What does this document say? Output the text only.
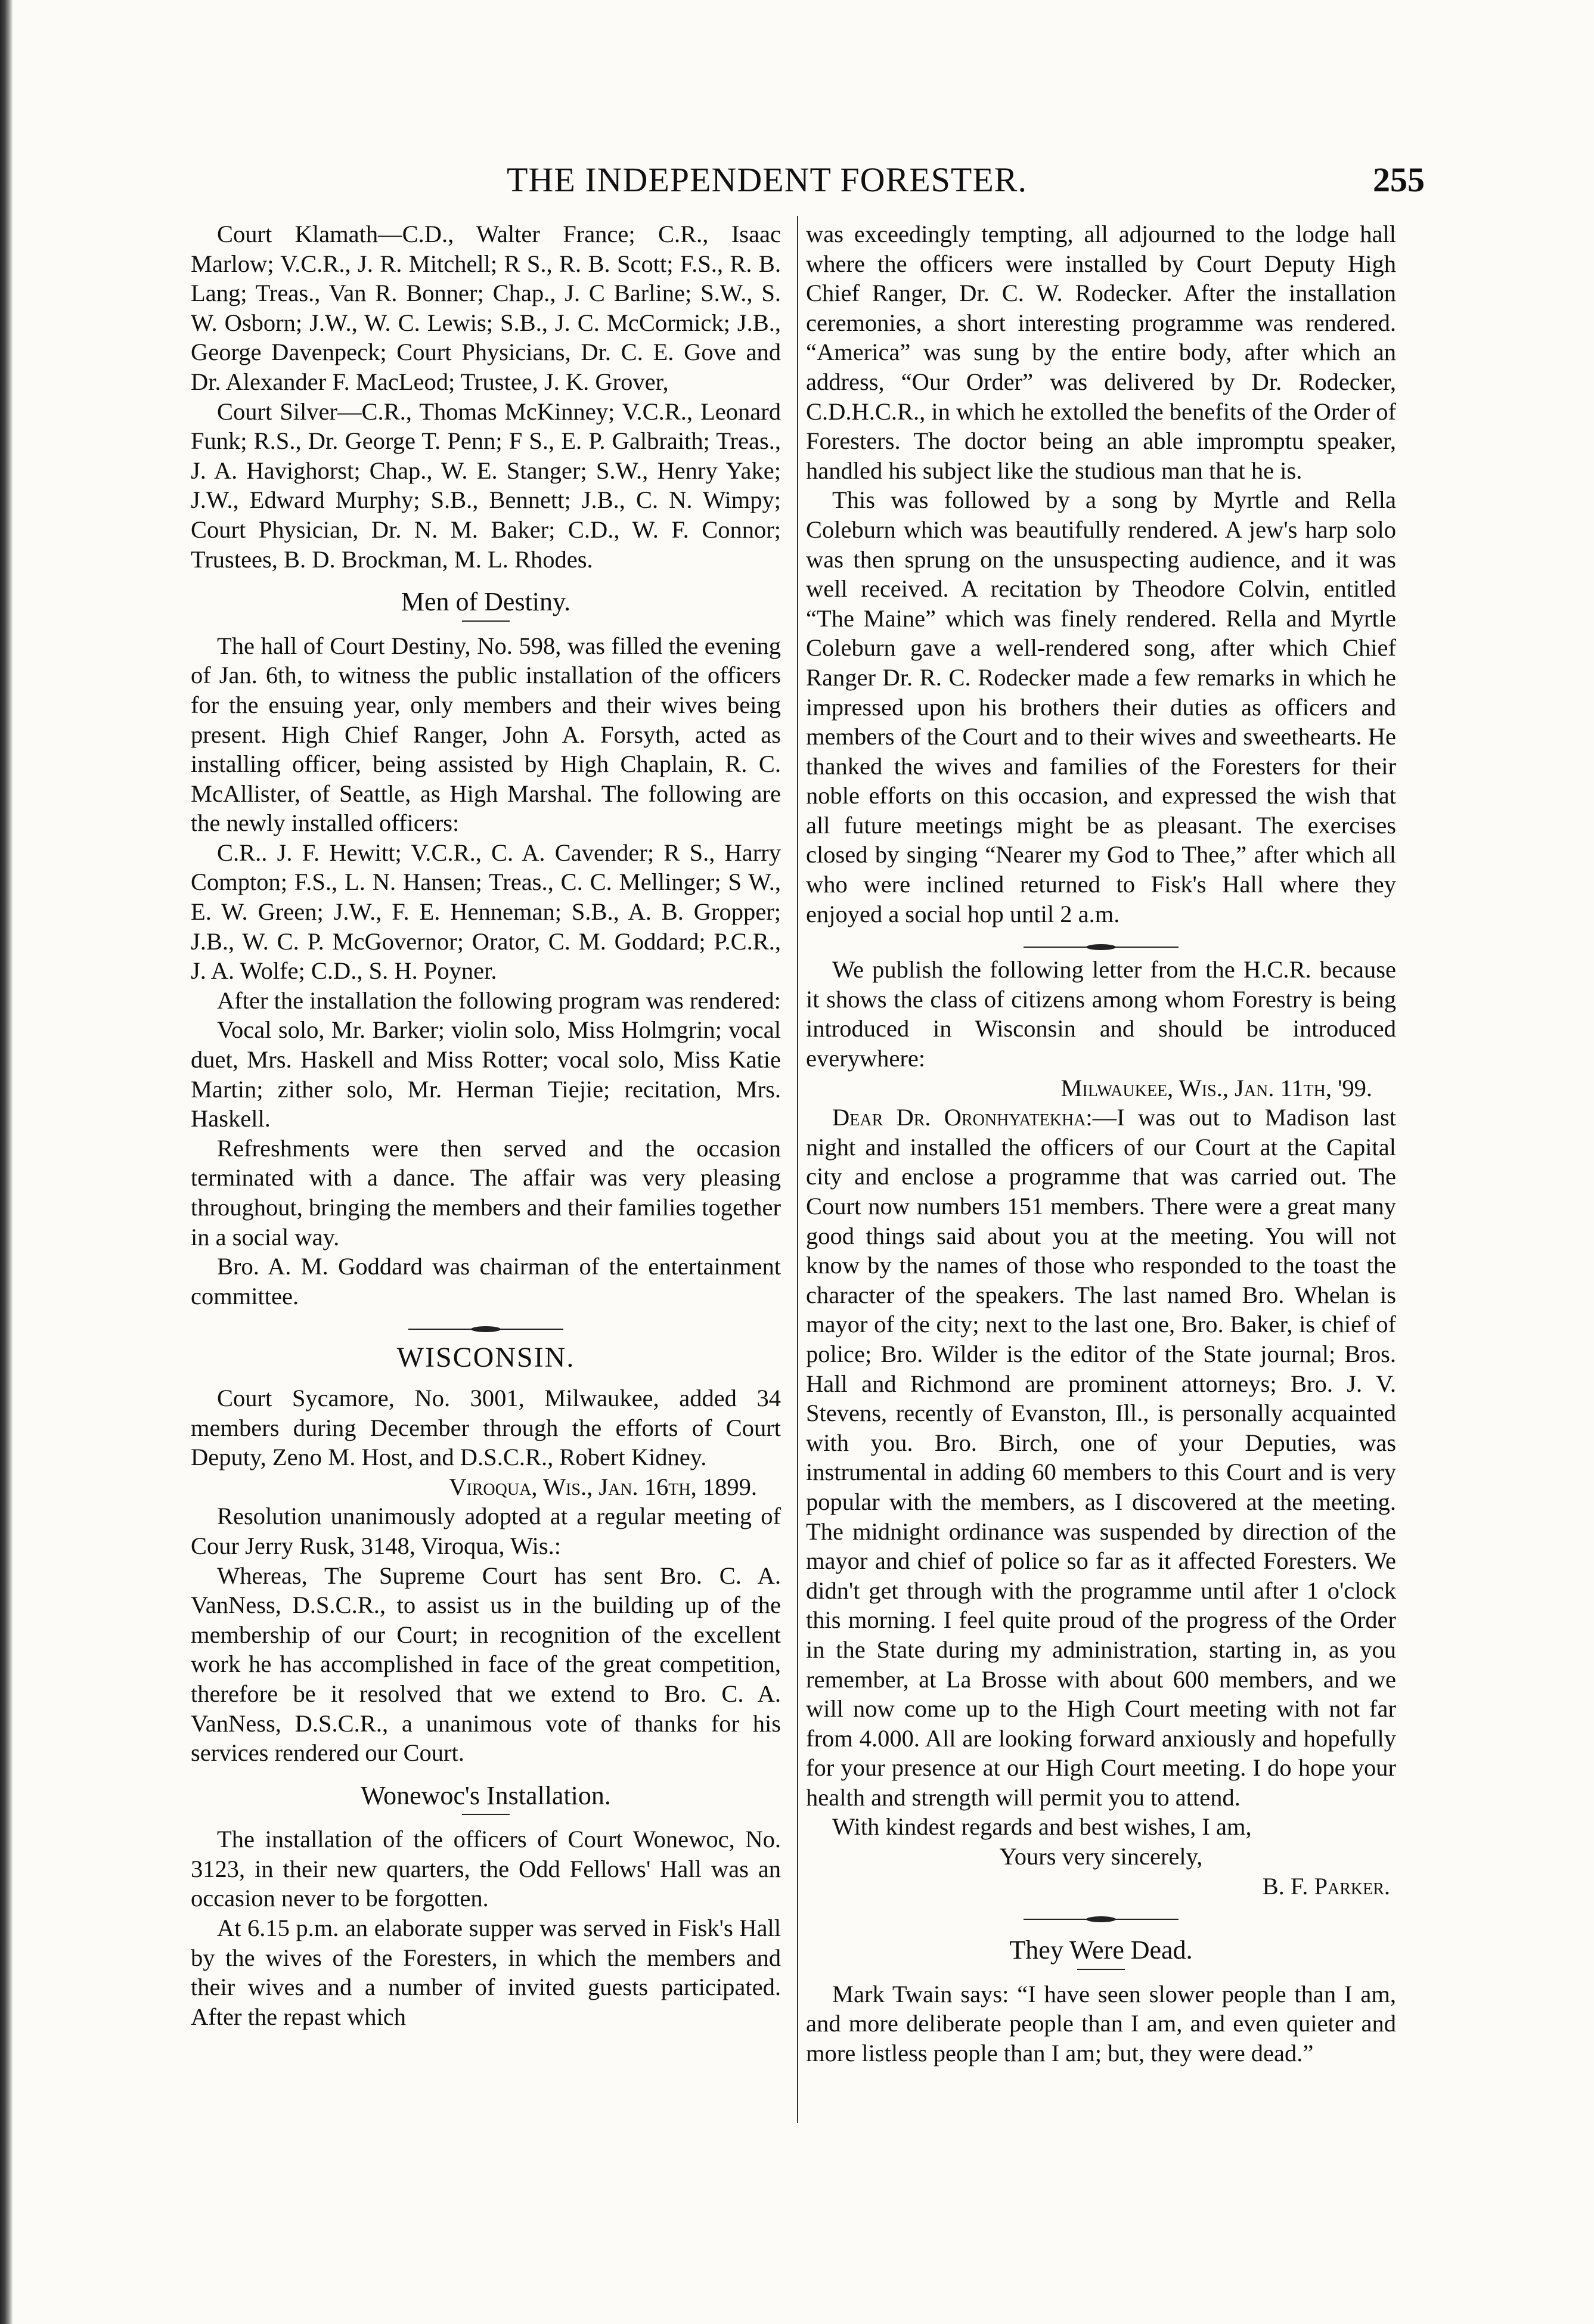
THE INDEPENDENT FORESTER.	255

Court Klamath—C.D., Walter France; C.R., Isaac Marlow; V.C.R., J. R. Mitchell; R S., R. B. Scott; F.S., R. B. Lang; Treas., Van R. Bonner; Chap., J. C Barline; S.W., S. W. Osborn; J.W., W. C. Lewis; S.B., J. C. McCormick; J.B., George Davenpeck; Court Physicians, Dr. C. E. Gove and Dr. Alexander F. MacLeod; Trustee, J. K. Grover,

Court Silver—C.R., Thomas McKinney; V.C.R., Leonard Funk; R.S., Dr. George T. Penn; F S., E. P. Galbraith; Treas., J. A. Havighorst; Chap., W. E. Stanger; S.W., Henry Yake; J.W., Edward Murphy; S.B., Bennett; J.B., C. N. Wimpy; Court Physician, Dr. N. M. Baker; C.D., W. F. Connor; Trustees, B. D. Brockman, M. L. Rhodes.

Men of Destiny.

The hall of Court Destiny, No. 598, was filled the evening of Jan. 6th, to witness the public installation of the officers for the ensuing year, only members and their wives being present. High Chief Ranger, John A. Forsyth, acted as installing officer, being assisted by High Chaplain, R. C. McAllister, of Seattle, as High Marshal. The following are the newly installed officers:

C.R.. J. F. Hewitt; V.C.R., C. A. Cavender; R S., Harry Compton; F.S., L. N. Hansen; Treas., C. C. Mellinger; S W., E. W. Green; J.W., F. E. Henneman; S.B., A. B. Gropper; J.B., W. C. P. McGovernor; Orator, C. M. Goddard; P.C.R., J. A. Wolfe; C.D., S. H. Poyner.

After the installation the following program was rendered:

Vocal solo, Mr. Barker; violin solo, Miss Holmgrin; vocal duet, Mrs. Haskell and Miss Rotter; vocal solo, Miss Katie Martin; zither solo, Mr. Herman Tiejie; recitation, Mrs. Haskell.

Refreshments were then served and the occasion terminated with a dance. The affair was very pleasing throughout, bringing the members and their families together in a social way.

Bro. A. M. Goddard was chairman of the entertainment committee.

WISCONSIN.

Court Sycamore, No. 3001, Milwaukee, added 34 members during December through the efforts of Court Deputy, Zeno M. Host, and D.S.C.R., Robert Kidney.

Viroqua, Wis., Jan. 16th, 1899.

Resolution unanimously adopted at a regular meeting of Cour Jerry Rusk, 3148, Viroqua, Wis.:

Whereas, The Supreme Court has sent Bro. C. A. VanNess, D.S.C.R., to assist us in the building up of the membership of our Court; in recognition of the excellent work he has accomplished in face of the great competition, therefore be it resolved that we extend to Bro. C. A. VanNess, D.S.C.R., a unanimous vote of thanks for his services rendered our Court.

Wonewoc's Installation.

The installation of the officers of Court Wonewoc, No. 3123, in their new quarters, the Odd Fellows' Hall was an occasion never to be forgotten.

At 6.15 p.m. an elaborate supper was served in Fisk's Hall by the wives of the Foresters, in which the members and their wives and a number of invited guests participated. After the repast which

was exceedingly tempting, all adjourned to the lodge hall where the officers were installed by Court Deputy High Chief Ranger, Dr. C. W. Rodecker. After the installation ceremonies, a short interesting programme was rendered. “America” was sung by the entire body, after which an address, “Our Order” was delivered by Dr. Rodecker, C.D.H.C.R., in which he extolled the benefits of the Order of Foresters. The doctor being an able impromptu speaker, handled his subject like the studious man that he is.

This was followed by a song by Myrtle and Rella Coleburn which was beautifully rendered. A jew's harp solo was then sprung on the unsuspecting audience, and it was well received. A recitation by Theodore Colvin, entitled “The Maine” which was finely rendered. Rella and Myrtle Coleburn gave a well-rendered song, after which Chief Ranger Dr. R. C. Rodecker made a few remarks in which he impressed upon his brothers their duties as officers and members of the Court and to their wives and sweethearts. He thanked the wives and families of the Foresters for their noble efforts on this occasion, and expressed the wish that all future meetings might be as pleasant. The exercises closed by singing “Nearer my God to Thee,” after which all who were inclined returned to Fisk's Hall where they enjoyed a social hop until 2 a.m.

We publish the following letter from the H.C.R. because it shows the class of citizens among whom Forestry is being introduced in Wisconsin and should be introduced everywhere:

Milwaukee, Wis., Jan. 11th, '99.

Dear Dr. Oronhyatekha:—I was out to Madison last night and installed the officers of our Court at the Capital city and enclose a programme that was carried out. The Court now numbers 151 members. There were a great many good things said about you at the meeting. You will not know by the names of those who responded to the toast the character of the speakers. The last named Bro. Whelan is mayor of the city; next to the last one, Bro. Baker, is chief of police; Bro. Wilder is the editor of the State journal; Bros. Hall and Richmond are prominent attorneys; Bro. J. V. Stevens, recently of Evanston, Ill., is personally acquainted with you. Bro. Birch, one of your Deputies, was instrumental in adding 60 members to this Court and is very popular with the members, as I discovered at the meeting. The midnight ordinance was suspended by direction of the mayor and chief of police so far as it affected Foresters. We didn't get through with the programme until after 1 o'clock this morning. I feel quite proud of the progress of the Order in the State during my administration, starting in, as you remember, at La Brosse with about 600 members, and we will now come up to the High Court meeting with not far from 4.000. All are looking forward anxiously and hopefully for your presence at our High Court meeting. I do hope your health and strength will permit you to attend.

With kindest regards and best wishes, I am,

Yours very sincerely,

B. F. Parker.

They Were Dead.

Mark Twain says: “I have seen slower people than I am, and more deliberate people than I am, and even quieter and more listless people than I am; but, they were dead.”
